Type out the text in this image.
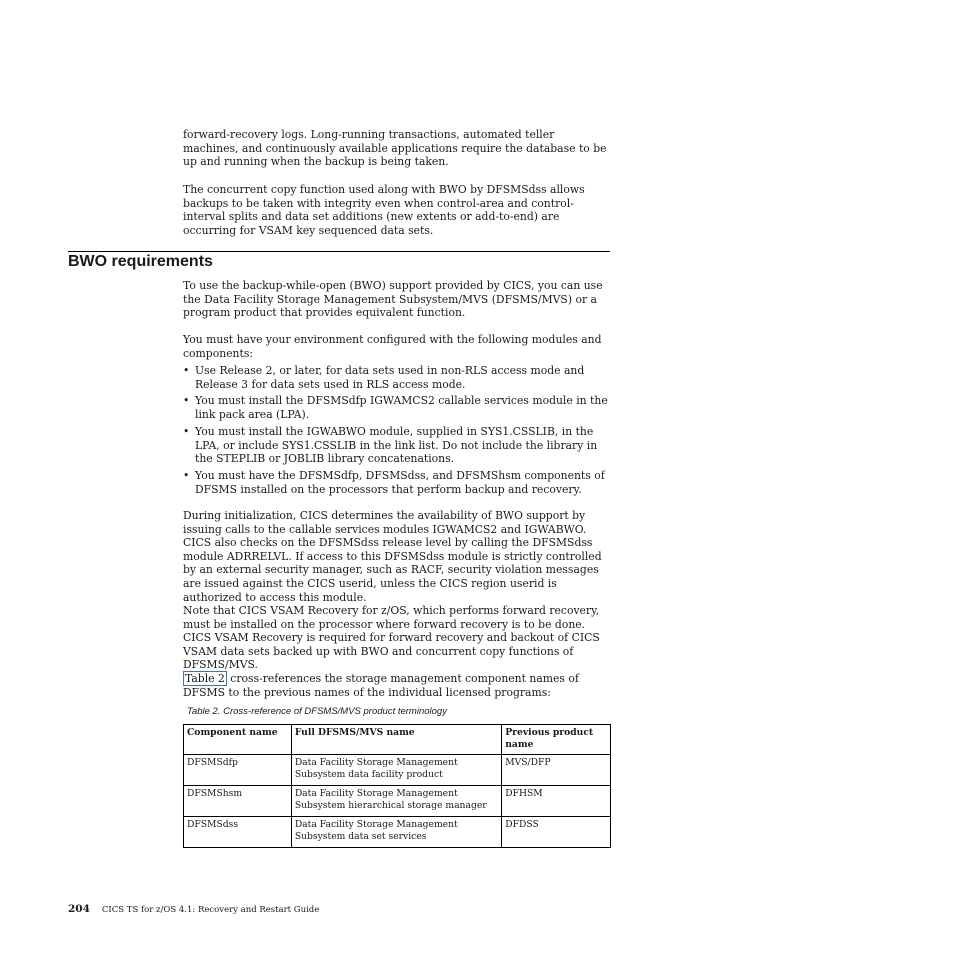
forward-recovery logs. Long-running transactions, automated teller machines, and continuously available applications require the database to be up and running when the backup is being taken.

The concurrent copy function used along with BWO by DFSMSdss allows backups to be taken with integrity even when control-area and control-interval splits and data set additions (new extents or add-to-end) are occurring for VSAM key sequenced data sets.

BWO requirements

To use the backup-while-open (BWO) support provided by CICS, you can use the Data Facility Storage Management Subsystem/MVS (DFSMS/MVS) or a program product that provides equivalent function.

You must have your environment configured with the following modules and components:

• Use Release 2, or later, for data sets used in non-RLS access mode and Release 3 for data sets used in RLS access mode.
• You must install the DFSMSdfp IGWAMCS2 callable services module in the link pack area (LPA).
• You must install the IGWABWO module, supplied in SYS1.CSSLIB, in the LPA, or include SYS1.CSSLIB in the link list. Do not include the library in the STEPLIB or JOBLIB library concatenations.
• You must have the DFSMSdfp, DFSMSdss, and DFSMShsm components of DFSMS installed on the processors that perform backup and recovery.

During initialization, CICS determines the availability of BWO support by issuing calls to the callable services modules IGWAMCS2 and IGWABWO. CICS also checks on the DFSMSdss release level by calling the DFSMSdss module ADRRELVL. If access to this DFSMSdss module is strictly controlled by an external security manager, such as RACF, security violation messages are issued against the CICS userid, unless the CICS region userid is authorized to access this module.

Note that CICS VSAM Recovery for z/OS, which performs forward recovery, must be installed on the processor where forward recovery is to be done. CICS VSAM Recovery is required for forward recovery and backout of CICS VSAM data sets backed up with BWO and concurrent copy functions of DFSMS/MVS.

Table 2 cross-references the storage management component names of DFSMS to the previous names of the individual licensed programs:

Table 2. Cross-reference of DFSMS/MVS product terminology
Component name	Full DFSMS/MVS name	Previous product name
DFSMSdfp	Data Facility Storage Management Subsystem data facility product	MVS/DFP
DFSMShsm	Data Facility Storage Management Subsystem hierarchical storage manager	DFHSM
DFSMSdss	Data Facility Storage Management Subsystem data set services	DFDSS
204 CICS TS for z/OS 4.1: Recovery and Restart Guide
